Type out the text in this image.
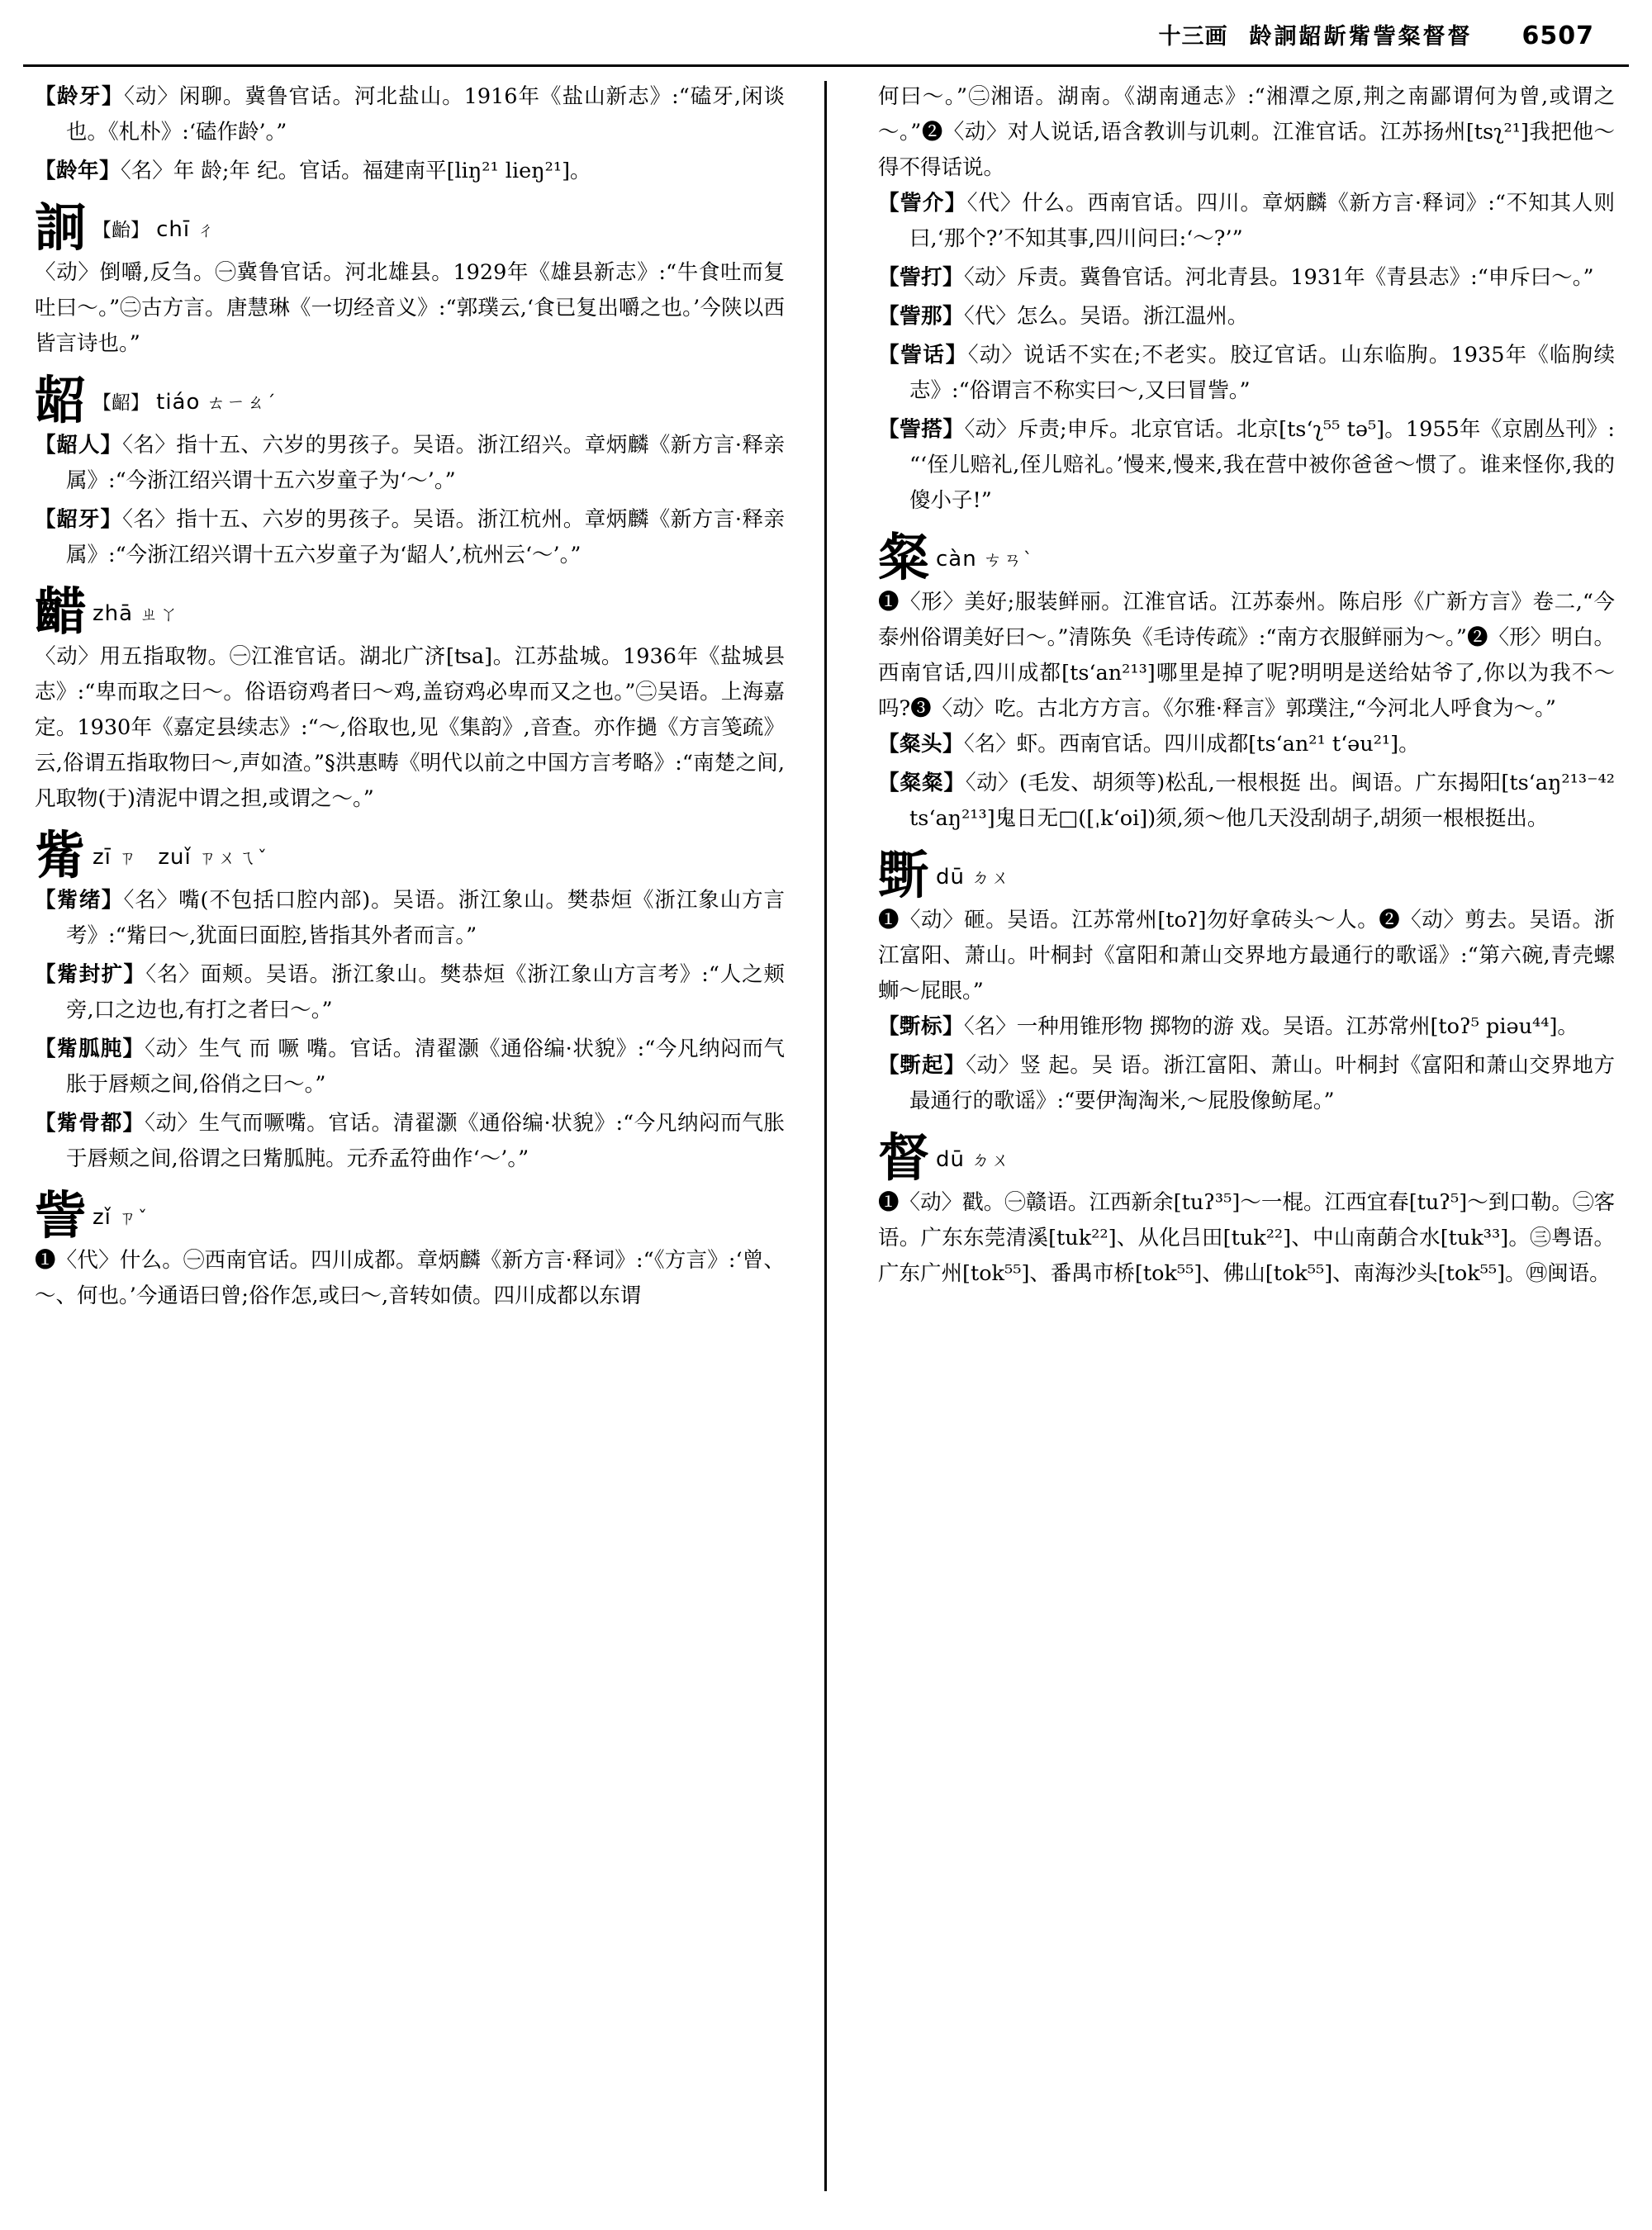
十三画 龄詗龆龂觜訾粲督督 6507
【龄牙】〈动〉闲聊。冀鲁官话。河北盐山。1916年《盐山新志》:“磕牙,闲谈也。《札朴》:‘磕作龄’。”
【龄年】〈名〉年 龄;年 纪。官话。福建南平[liŋ²¹ lieŋ²¹]。
詗 【齝】 chī ㄔ
〈动〉倒嚼,反刍。㊀冀鲁官话。河北雄县。1929年《雄县新志》:“牛食吐而复吐曰～。”㊁古方言。唐慧琳《一切经音义》:“郭璞云,‘食已复出嚼之也。’今陕以西皆言诗也。”
龆 【齠】 tiáo ㄊㄧㄠˊ
【龆人】〈名〉指十五、六岁的男孩子。吴语。浙江绍兴。章炳麟《新方言·释亲属》:“今浙江绍兴谓十五六岁童子为‘～’。”
【龆牙】〈名〉指十五、六岁的男孩子。吴语。浙江杭州。章炳麟《新方言·释亲属》:“今浙江绍兴谓十五六岁童子为‘龆人’,杭州云‘～’。”
齰 zhā ㄓㄚ
〈动〉用五指取物。㊀江淮官话。湖北广济[ʦa]。江苏盐城。1936年《盐城县志》:“卑而取之曰～。俗语窃鸡者曰～鸡,盖窃鸡必卑而又之也。”㊁吴语。上海嘉定。1930年《嘉定县续志》:“～,俗取也,见《集韵》,音查。亦作撾《方言笺疏》云,俗谓五指取物曰～,声如渣。”§洪惠畴《明代以前之中国方言考略》:“南楚之间,凡取物(于)清泥中谓之担,或谓之～。”
觜 zī ㄗ zuǐ ㄗㄨㄟˇ
【觜绪】〈名〉嘴(不包括口腔内部)。吴语。浙江象山。樊恭烜《浙江象山方言考》:“觜曰～,犹面曰面腔,皆指其外者而言。”
【觜封扩】〈名〉面颊。吴语。浙江象山。樊恭烜《浙江象山方言考》:“人之颊旁,口之边也,有打之者曰～。”
【觜胍肫】〈动〉生气 而 噘 嘴。官话。清翟灏《通俗编·状貌》:“今凡纳闷而气胀于唇颊之间,俗俏之曰～。”
【觜骨都】〈动〉生气而噘嘴。官话。清翟灏《通俗编·状貌》:“今凡纳闷而气胀于唇颊之间,俗谓之曰觜胍肫。元乔孟符曲作‘～’。”
訾 zǐ ㄗˇ
❶〈代〉什么。㊀西南官话。四川成都。章炳麟《新方言·释词》:“《方言》:‘曾、～、何也。’今通语曰曾;俗作怎,或曰～,音转如债。四川成都以东谓
何曰～。”㊁湘语。湖南。《湖南通志》:“湘潭之原,荆之南鄙谓何为曾,或谓之～。”❷〈动〉对人说话,语含教训与讥刺。江淮官话。江苏扬州[tsʅ²¹]我把他～得不得话说。
【訾介】〈代〉什么。西南官话。四川。章炳麟《新方言·释词》:“不知其人则曰,‘那个?’不知其事,四川问曰:‘～?’”
【訾打】〈动〉斥责。冀鲁官话。河北青县。1931年《青县志》:“申斥曰～。”
【訾那】〈代〉怎么。吴语。浙江温州。
【訾话】〈动〉说话不实在;不老实。胶辽官话。山东临朐。1935年《临朐续志》:“俗谓言不称实曰～,又曰冒訾。”
【訾搭】〈动〉斥责;申斥。北京官话。北京[tsʻʅ⁵⁵ tə⁵]。1955年《京剧丛刊》:“‘侄儿赔礼,侄儿赔礼。’慢来,慢来,我在营中被你爸爸～惯了。谁来怪你,我的傻小子!”
粲 càn ㄘㄢˋ
❶〈形〉美好;服装鲜丽。江淮官话。江苏泰州。陈启彤《广新方言》卷二,“今泰州俗谓美好曰～。”清陈奂《毛诗传疏》:“南方衣服鲜丽为～。”❷〈形〉明白。西南官话,四川成都[tsʻan²¹³]哪里是掉了呢?明明是送给姑爷了,你以为我不～吗?❸〈动〉吃。古北方方言。《尔雅·释言》郭璞注,“今河北人呼食为～。”
【粲头】〈名〉虾。西南官话。四川成都[tsʻan²¹ tʻəu²¹]。
【粲粲】〈动〉(毛发、胡须等)松乱,一根根挺 出。闽语。广东揭阳[tsʻaŋ²¹³⁻⁴² tsʻaŋ²¹³]鬼日无□([ˌkʻoi])须,须～他几天没刮胡子,胡须一根根挺出。
斲 dū ㄉㄨ
❶〈动〉砸。吴语。江苏常州[toʔ]勿好拿砖头～人。❷〈动〉剪去。吴语。浙江富阳、萧山。叶桐封《富阳和萧山交界地方最通行的歌谣》:“第六碗,青壳螺蛳～屁眼。”
【斲标】〈名〉一种用锥形物 掷物的游 戏。吴语。江苏常州[toʔ⁵ piəu⁴⁴]。
【斲起】〈动〉竖 起。吴 语。浙江富阳、萧山。叶桐封《富阳和萧山交界地方最通行的歌谣》:“要伊淘淘米,～屁股像鲂尾。”
督 dū ㄉㄨ
❶〈动〉戳。㊀赣语。江西新余[tuʔ³⁵]～一棍。江西宜春[tuʔ⁵]～到口勒。㊁客语。广东东莞清溪[tuk²²]、从化吕田[tuk²²]、中山南蓢合水[tuk³³]。㊂粤语。广东广州[tok⁵⁵]、番禺市桥[tok⁵⁵]、佛山[tok⁵⁵]、南海沙头[tok⁵⁵]。㊃闽语。
